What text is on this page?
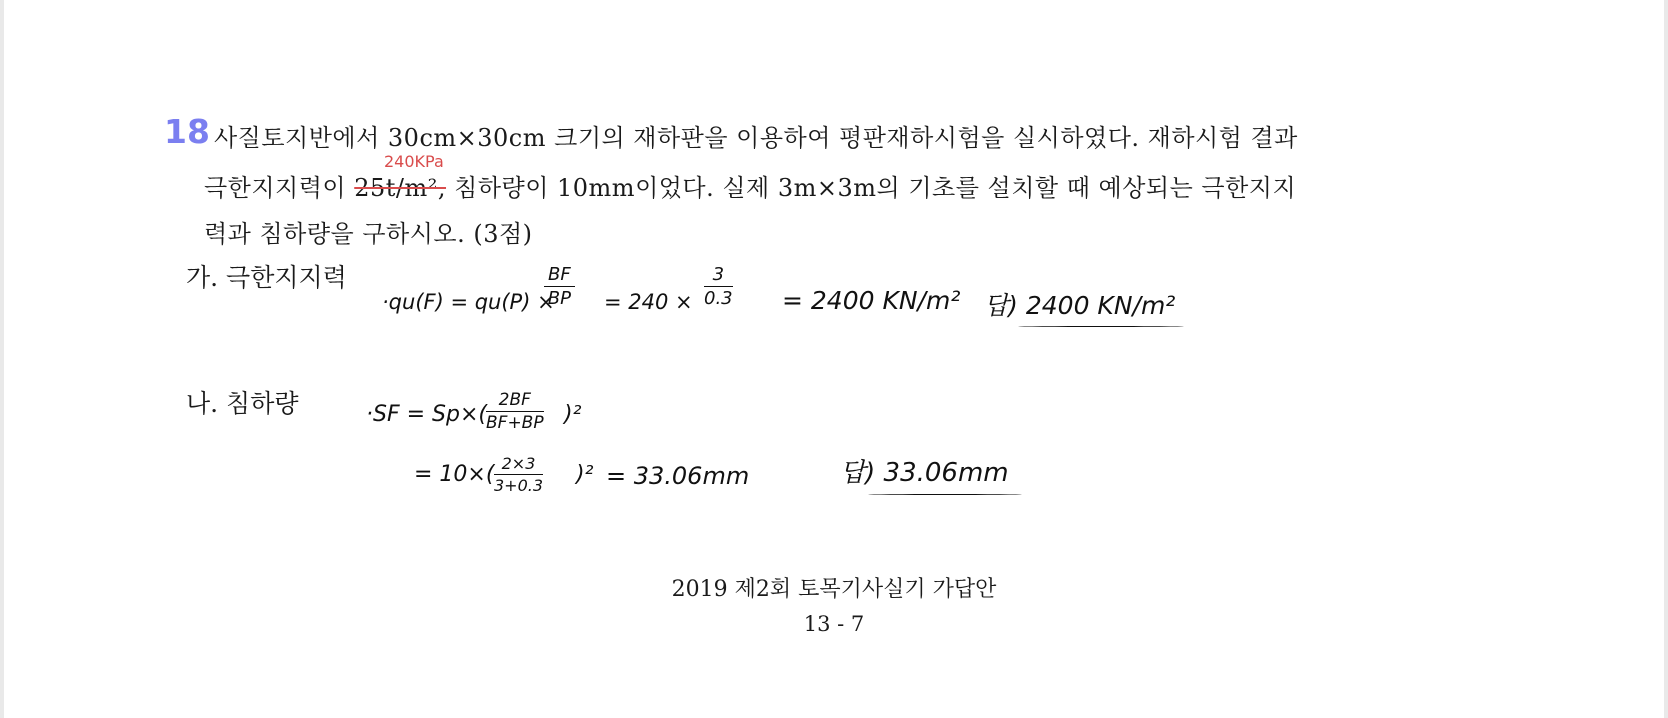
18 사질토지반에서 30cm×30cm 크기의 재하판을 이용하여 평판재하시험을 실시하였다. 재하시험 결과
극한지지력이 25t/m², 침하량이 10mm이었다. 실제 3m×3m의 기초를 설치할 때 예상되는 극한지지
240KPa
력과 침하량을 구하시오. (3점)
가. 극한지지력
·qu(F) = qu(P) ×
$\frac{BF}{BP} = 240 \times \frac{3}{0.3} = 2400$ KN/m² 답) 2400 KN/m²
나. 침하량	$\cdot SF = Sp\times( \frac{2BF}{BF+BP} )^2$
= $10\times( \frac{2\times 3}{3+0.3} )^2 = 33.06mm$	답) 33.06mm
2019 제2회 토목기사실기 가답안
13 - 7
